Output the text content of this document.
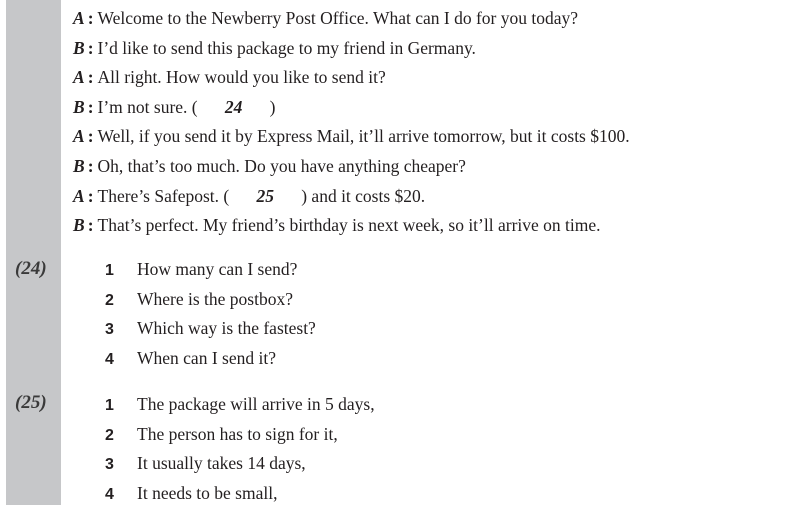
A : Welcome to the Newberry Post Office. What can I do for you today?
B : I’d like to send this package to my friend in Germany.
A : All right. How would you like to send it?
B : I’m not sure. (	24	)
A : Well, if you send it by Express Mail, it’ll arrive tomorrow, but it costs $100.
B : Oh, that’s too much. Do you have anything cheaper?
A : There’s Safepost. (	25	) and it costs $20.
B : That’s perfect. My friend’s birthday is next week, so it’ll arrive on time.
(24)	1 How many can I send?
2 Where is the postbox?
3 Which way is the fastest?
4 When can I send it?
(25)	1 The package will arrive in 5 days,
2 The person has to sign for it,
3 It usually takes 14 days,
4 It needs to be small,
